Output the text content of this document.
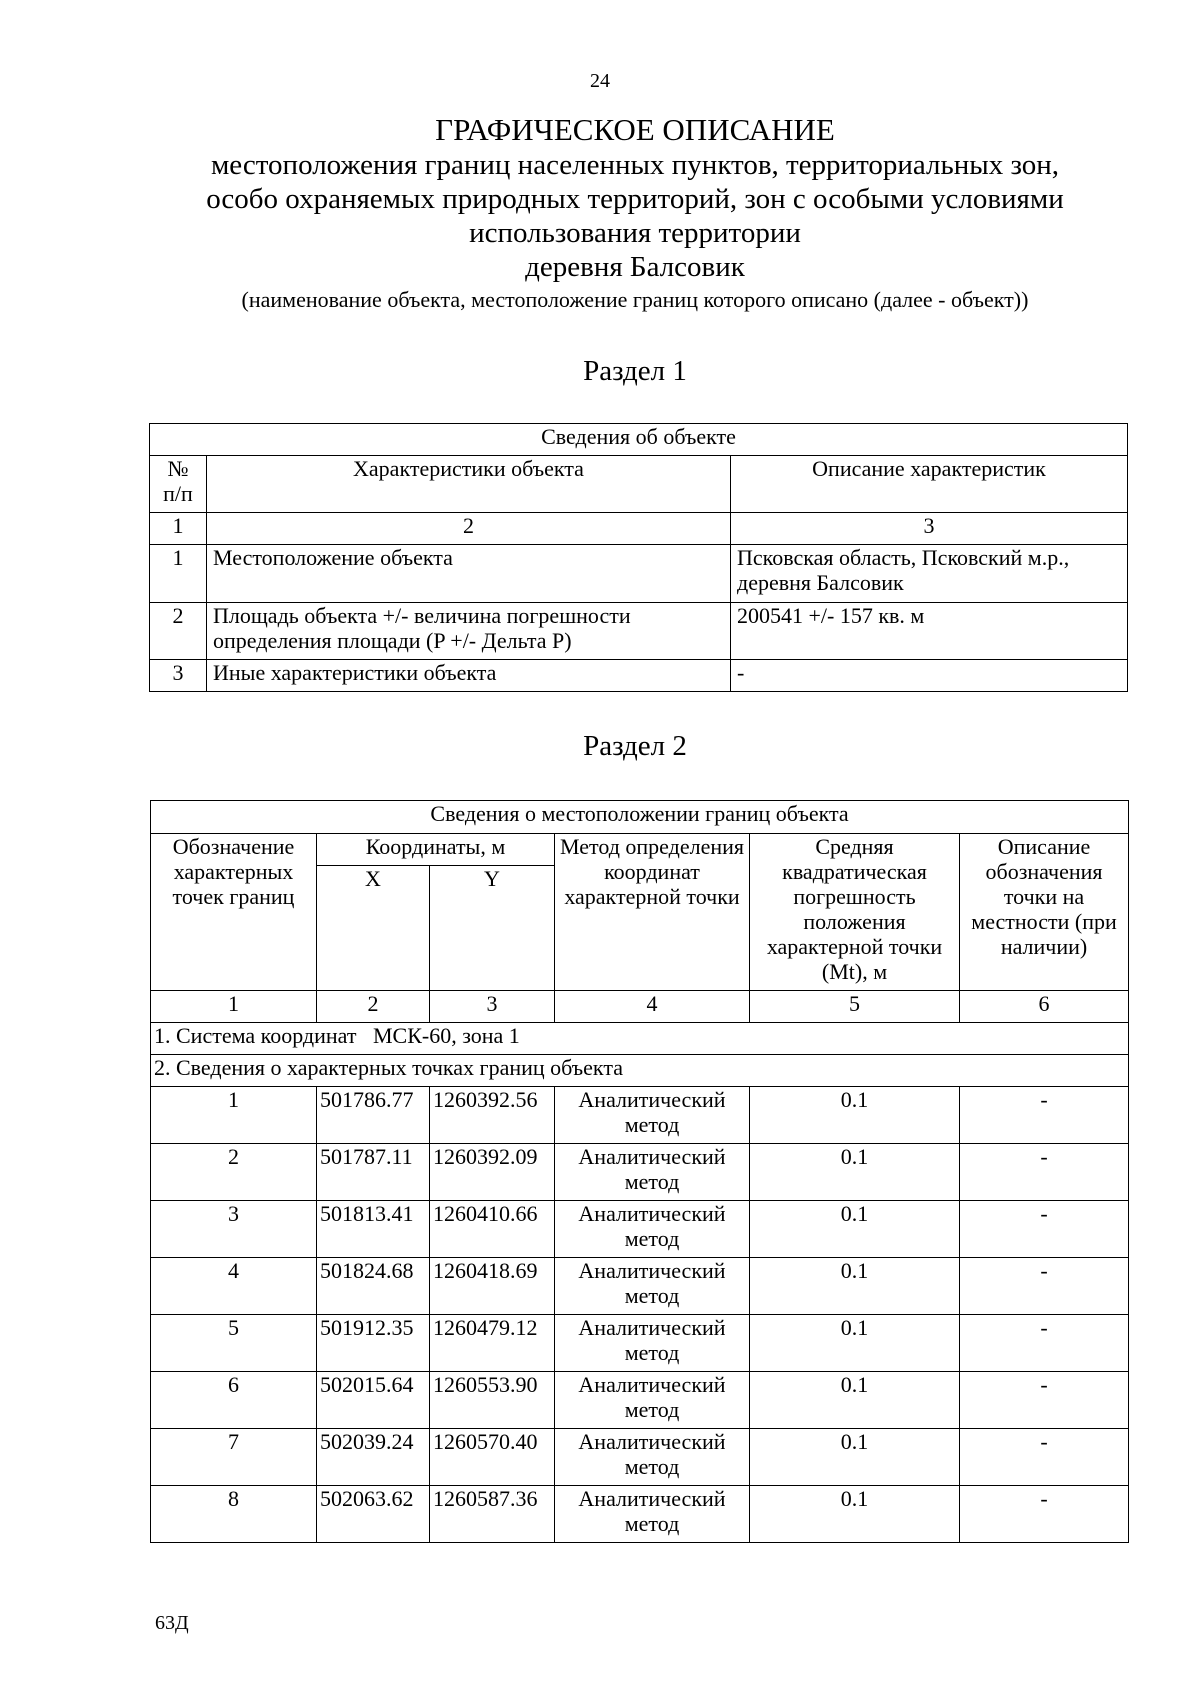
24
ГРАФИЧЕСКОЕ ОПИСАНИЕ
местоположения границ населенных пунктов, территориальных зон,
особо охраняемых природных территорий, зон с особыми условиями
использования территории
деревня Балсовик
(наименование объекта, местоположение границ которого описано (далее - объект))
Раздел 1
Сведения об объекте		
№ п/п	Характеристики объекта	Описание характеристик
1	2	3
1	Местоположение объекта	Псковская область, Псковский м.р., деревня Балсовик
2	Площадь объекта +/- величина погрешности определения площади (P +/- Дельта P)	200541 +/- 157 кв. м
3	Иные характеристики объекта	-
Раздел 2
Сведения о местоположении границ объекта					
Обозначение характерных точек границ	Координаты, м		Метод определения координат характерной точки	Средняя квадратическая погрешность положения характерной точки (Mt), м	Описание обозначения точки на местности (при наличии)
	X	Y			
1	2	3	4	5	6
1. Система координат   МСК-60, зона 1					
2. Сведения о характерных точках границ объекта					
1	501786.77	1260392.56	Аналитический метод	0.1	-
2	501787.11	1260392.09	Аналитический метод	0.1	-
3	501813.41	1260410.66	Аналитический метод	0.1	-
4	501824.68	1260418.69	Аналитический метод	0.1	-
5	501912.35	1260479.12	Аналитический метод	0.1	-
6	502015.64	1260553.90	Аналитический метод	0.1	-
7	502039.24	1260570.40	Аналитический метод	0.1	-
8	502063.62	1260587.36	Аналитический метод	0.1	-
63Д
